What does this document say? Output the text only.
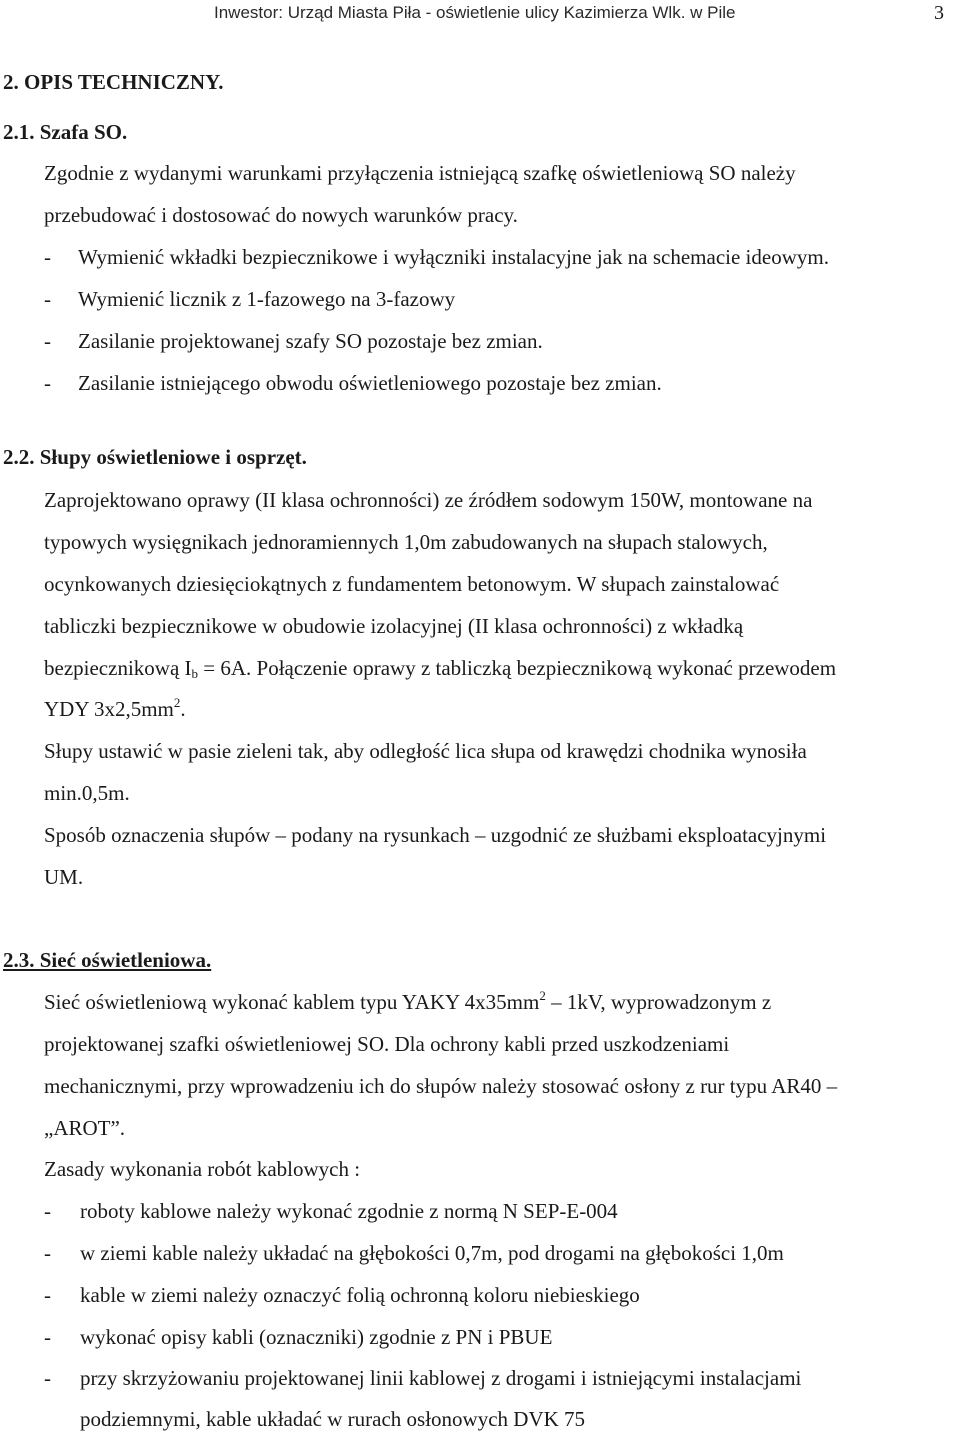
Inwestor: Urząd Miasta Piła - oświetlenie ulicy Kazimierza Wlk. w Pile	3
2. OPIS TECHNICZNY.
2.1. Szafa SO.
Zgodnie z wydanymi warunkami przyłączenia istniejącą szafkę oświetleniową SO należy
przebudować i dostosować do nowych warunków pracy.
- Wymienić wkładki bezpiecznikowe i wyłączniki instalacyjne jak na schemacie ideowym.
- Wymienić licznik z 1-fazowego na 3-fazowy
- Zasilanie projektowanej szafy SO pozostaje bez zmian.
- Zasilanie istniejącego obwodu oświetleniowego pozostaje bez zmian.
2.2. Słupy oświetleniowe i osprzęt.
Zaprojektowano oprawy (II klasa ochronności) ze źródłem sodowym 150W, montowane na
typowych wysięgnikach jednoramiennych 1,0m zabudowanych na słupach stalowych,
ocynkowanych dziesięciokątnych z fundamentem betonowym. W słupach zainstalować
tabliczki bezpiecznikowe w obudowie izolacyjnej (II klasa ochronności) z wkładką
bezpiecznikową $I_b = 6A$. Połączenie oprawy z tabliczką bezpiecznikową wykonać przewodem
YDY $3x2,5mm^2$.
Słupy ustawić w pasie zieleni tak, aby odległość lica słupa od krawędzi chodnika wynosiła
min.0,5m.
Sposób oznaczenia słupów – podany na rysunkach – uzgodnić ze służbami eksploatacyjnymi
UM.
2.3. Sieć oświetleniowa.
Sieć oświetleniową wykonać kablem typu YAKY $4x35mm^2 - 1kV$, wyprowadzonym z
projektowanej szafki oświetleniowej SO. Dla ochrony kabli przed uszkodzeniami
mechanicznymi, przy wprowadzeniu ich do słupów należy stosować osłony z rur typu AR40 –
„AROT”.
Zasady wykonania robót kablowych :
- roboty kablowe należy wykonać zgodnie z normą N SEP-E-004
- w ziemi kable należy układać na głębokości 0,7m, pod drogami na głębokości 1,0m
- kable w ziemi należy oznaczyć folią ochronną koloru niebieskiego
- wykonać opisy kabli (oznaczniki) zgodnie z PN i PBUE
- przy skrzyżowaniu projektowanej linii kablowej z drogami i istniejącymi instalacjami
podziemnymi, kable układać w rurach osłonowych DVK 75
